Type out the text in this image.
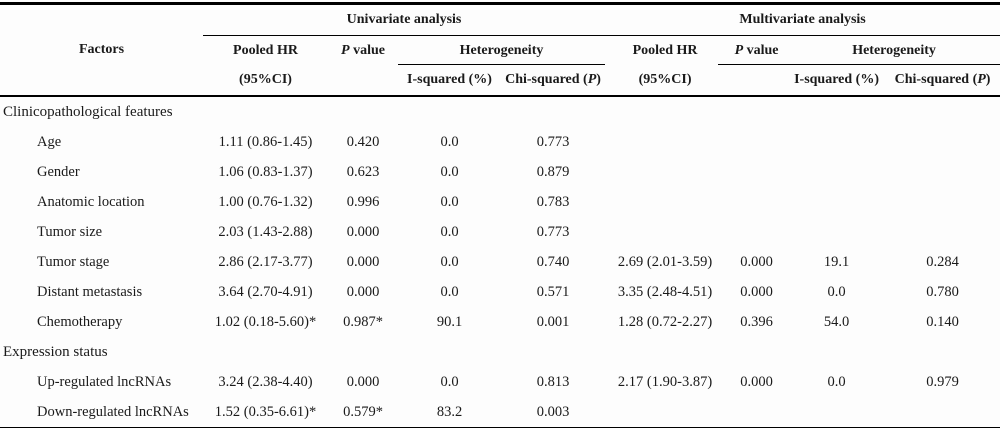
Factors	Univariate analysis				Multivariate analysis			
	Pooled HR	P value	Heterogeneity		Pooled HR	P value	Heterogeneity	
	(95%CI)		I-squared (%)	Chi-squared (P)	(95%CI)		I-squared (%)	Chi-squared (P)
Clinicopathological features								
Age	1.11 (0.86-1.45)	0.420	0.0	0.773				
Gender	1.06 (0.83-1.37)	0.623	0.0	0.879				
Anatomic location	1.00 (0.76-1.32)	0.996	0.0	0.783				
Tumor size	2.03 (1.43-2.88)	0.000	0.0	0.773				
Tumor stage	2.86 (2.17-3.77)	0.000	0.0	0.740	2.69 (2.01-3.59)	0.000	19.1	0.284
Distant metastasis	3.64 (2.70-4.91)	0.000	0.0	0.571	3.35 (2.48-4.51)	0.000	0.0	0.780
Chemotherapy	1.02 (0.18-5.60)*	0.987*	90.1	0.001	1.28 (0.72-2.27)	0.396	54.0	0.140
Expression status								
Up-regulated lncRNAs	3.24 (2.38-4.40)	0.000	0.0	0.813	2.17 (1.90-3.87)	0.000	0.0	0.979
Down-regulated lncRNAs	1.52 (0.35-6.61)*	0.579*	83.2	0.003				
